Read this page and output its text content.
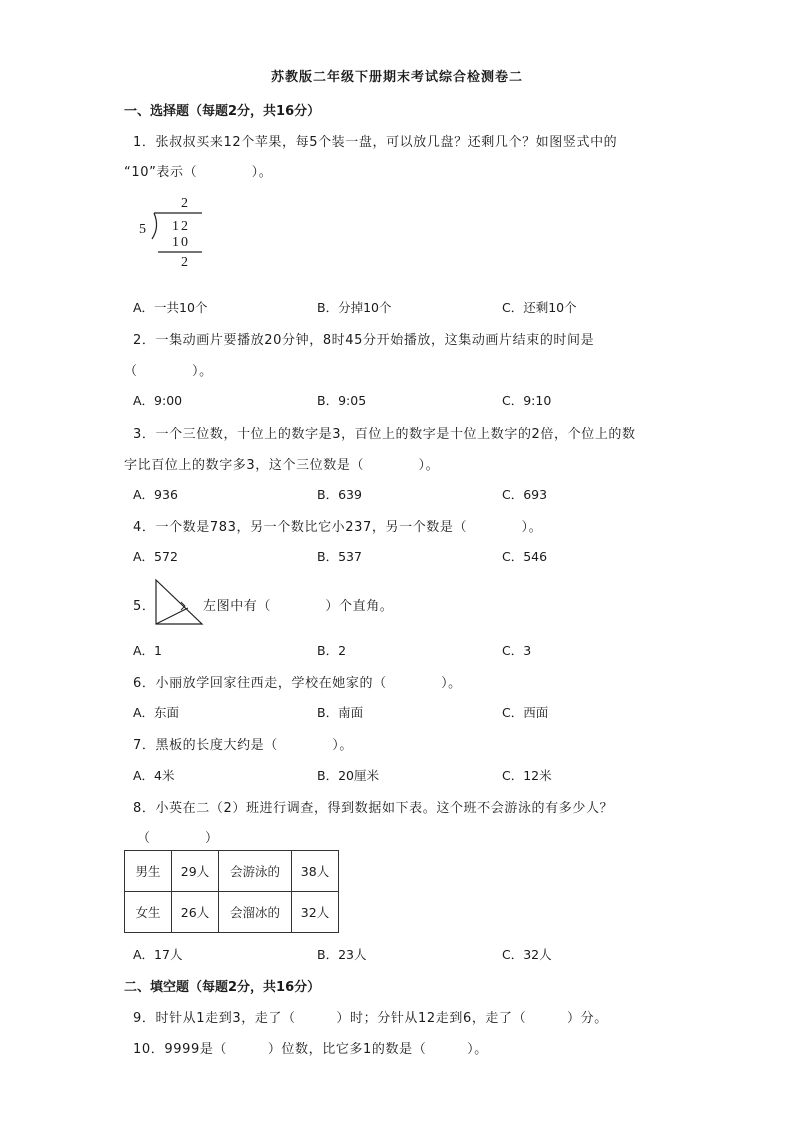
苏教版二年级下册期末考试综合检测卷二
一、选择题（每题2分，共16分）
1．张叔叔买来12个苹果，每5个装一盘，可以放几盘？还剩几个？如图竖式中的
“10”表示（　　　　）。
2
5 12
10
2
A．一共10个	B．分掉10个	C．还剩10个
2．一集动画片要播放20分钟，8时45分开始播放，这集动画片结束的时间是
（　　　　）。
A．9:00	B．9:05	C．9:10
3．一个三位数，十位上的数字是3，百位上的数字是十位上数字的2倍，个位上的数
字比百位上的数字多3，这个三位数是（　　　　）。
A．936	B．639	C．693
4．一个数是783，另一个数比它小237，另一个数是（　　　　）。
A．572	B．537	C．546
5．	左图中有（　　　　）个直角。
A．1	B．2	C．3
6．小丽放学回家往西走，学校在她家的（　　　　）。
A．东面	B．南面	C．西面
7．黑板的长度大约是（　　　　）。
A．4米	B．20厘米	C．12米
8．小英在二（2）班进行调查，得到数据如下表。这个班不会游泳的有多少人？
（　　　　）
男生	29人	会游泳的	38人
女生	26人	会溜冰的	32人
A．17人	B．23人	C．32人
二、填空题（每题2分，共16分）
9．时针从1走到3，走了（　　　）时；分针从12走到6，走了（　　　）分。
10．9999是（　　　）位数，比它多1的数是（　　　）。
